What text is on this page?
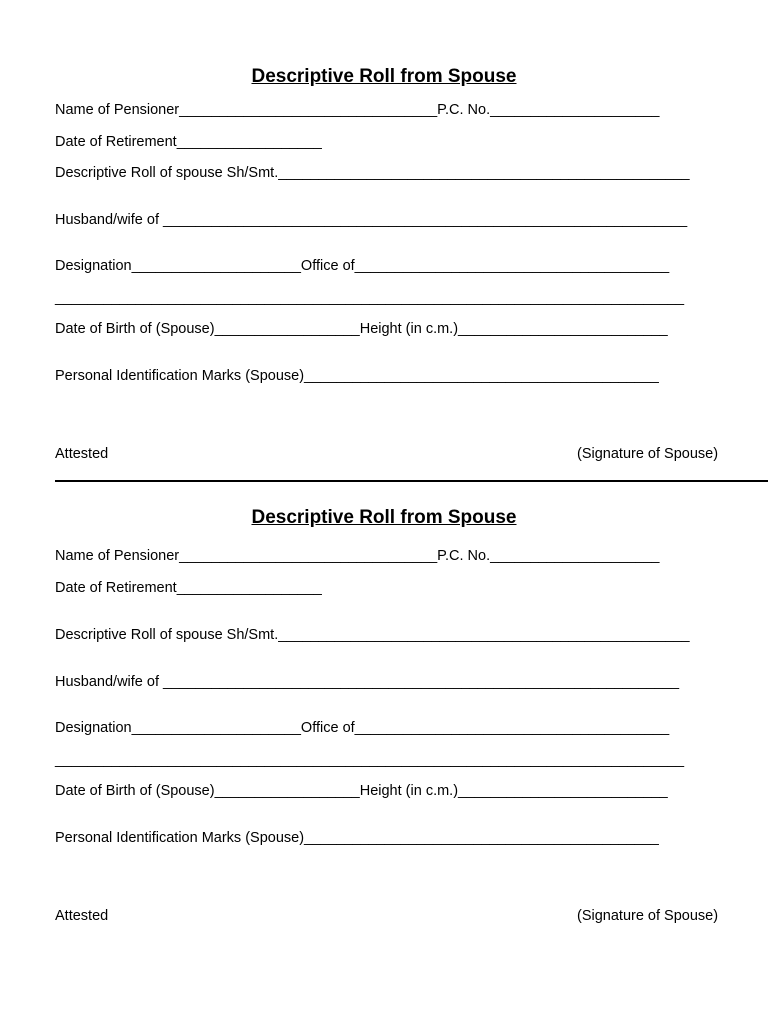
Descriptive Roll from Spouse
Name of Pensioner________________________________P.C. No._____________________
Date of Retirement__________________
Descriptive Roll of spouse Sh/Smt.___________________________________________________
Husband/wife of _________________________________________________________________
Designation_____________________Office of_______________________________________
______________________________________________________________________________
Date of Birth of (Spouse)__________________Height (in c.m.)__________________________
Personal Identification Marks (Spouse)____________________________________________
Attested	(Signature of Spouse)
Descriptive Roll from Spouse
Name of Pensioner________________________________P.C. No._____________________
Date of Retirement__________________
Descriptive Roll of spouse Sh/Smt.___________________________________________________
Husband/wife of ________________________________________________________________
Designation_____________________Office of_______________________________________
______________________________________________________________________________
Date of Birth of (Spouse)__________________Height (in c.m.)__________________________
Personal Identification Marks (Spouse)____________________________________________
Attested	(Signature of Spouse)
